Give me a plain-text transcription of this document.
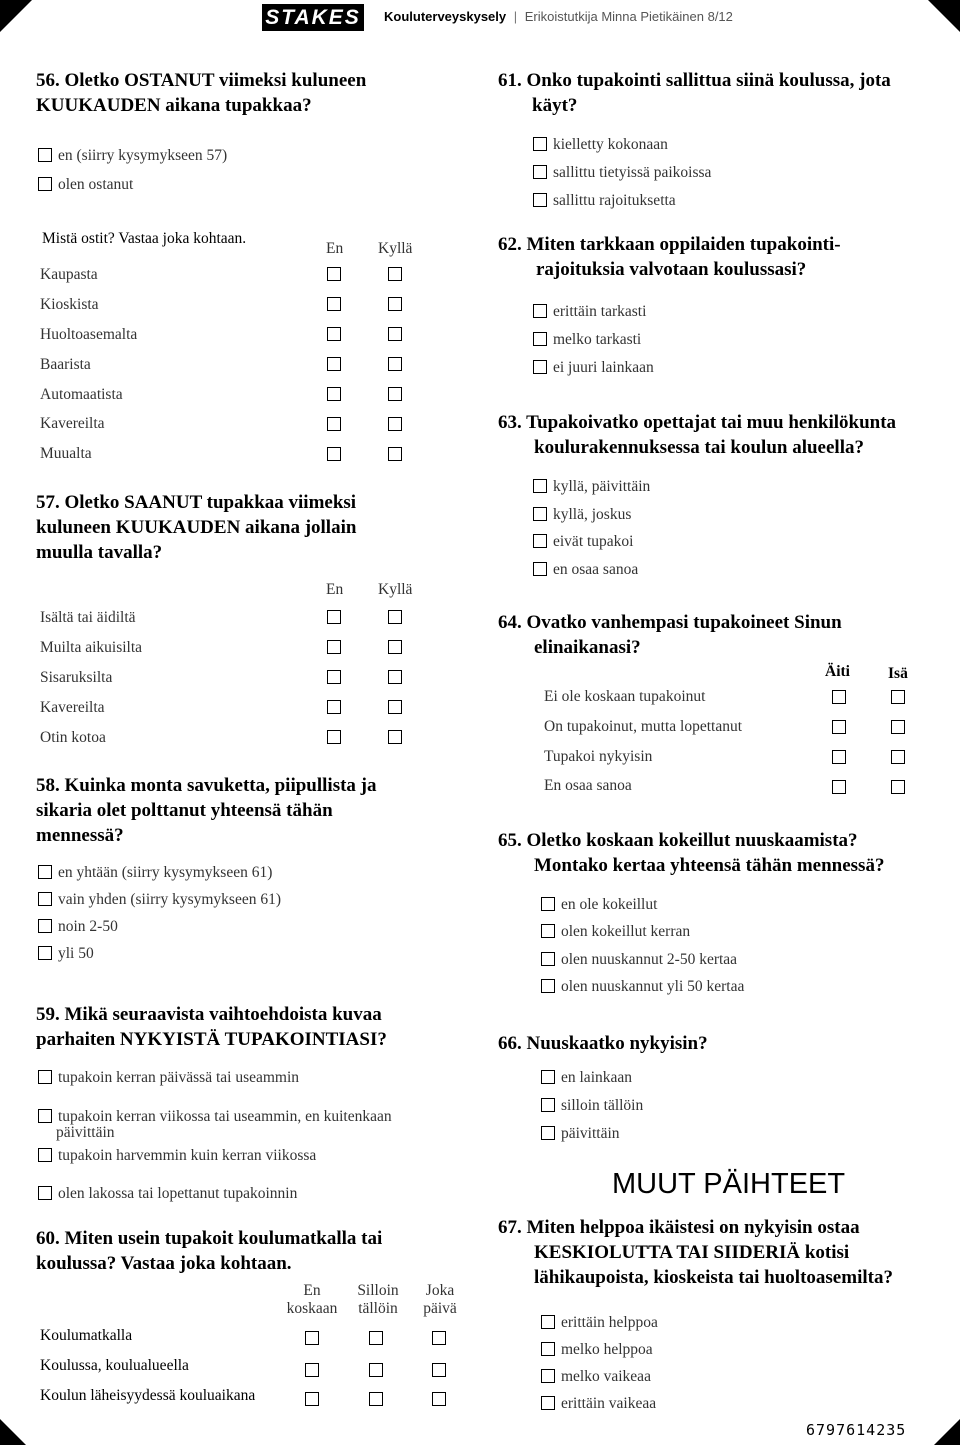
STAKES Kouluterveyskysely | Erikoistutkija Minna Pietikäinen 8/12
56. Oletko OSTANUT viimeksi kuluneen
KUUKAUDEN aikana tupakkaa?
en (siirry kysymykseen 57)
olen ostanut
Mistä ostit? Vastaa joka kohtaan.
En Kyllä
Kaupasta
Kioskista
Huoltoasemalta
Baarista
Automaatista
Kavereilta
Muualta
57. Oletko SAANUT tupakkaa viimeksi
kuluneen KUUKAUDEN aikana jollain
muulla tavalla?
En Kyllä
Isältä tai äidiltä
Muilta aikuisilta
Sisaruksilta
Kavereilta
Otin kotoa
58. Kuinka monta savuketta, piipullista ja
sikaria olet polttanut yhteensä tähän
mennessä?
en yhtään (siirry kysymykseen 61)
vain yhden (siirry kysymykseen 61)
noin 2-50
yli 50
59. Mikä seuraavista vaihtoehdoista kuvaa
parhaiten NYKYISTÄ TUPAKOINTIASI?
tupakoin kerran päivässä tai useammin
tupakoin kerran viikossa tai useammin, en kuitenkaan
päivittäin
tupakoin harvemmin kuin kerran viikossa
olen lakossa tai lopettanut tupakoinnin
60. Miten usein tupakoit koulumatkalla tai
koulussa? Vastaa joka kohtaan.
En
koskaan
Silloin
tällöin
Joka
päivä
Koulumatkalla
Koulussa, koulualueella
Koulun läheisyydessä kouluaikana
61. Onko tupakointi sallittua siinä koulussa, jota
käyt?
kielletty kokonaan
sallittu tietyissä paikoissa
sallittu rajoituksetta
62. Miten tarkkaan oppilaiden tupakointi-
rajoituksia valvotaan koulussasi?
erittäin tarkasti
melko tarkasti
ei juuri lainkaan
63. Tupakoivatko opettajat tai muu henkilökunta
koulurakennuksessa tai koulun alueella?
kyllä, päivittäin
kyllä, joskus
eivät tupakoi
en osaa sanoa
64. Ovatko vanhempasi tupakoineet Sinun
elinaikanasi?
Äiti Isä
Ei ole koskaan tupakoinut
On tupakoinut, mutta lopettanut
Tupakoi nykyisin
En osaa sanoa
65. Oletko koskaan kokeillut nuuskaamista?
Montako kertaa yhteensä tähän mennessä?
en ole kokeillut
olen kokeillut kerran
olen nuuskannut 2-50 kertaa
olen nuuskannut yli 50 kertaa
66. Nuuskaatko nykyisin?
en lainkaan
silloin tällöin
päivittäin
MUUT PÄIHTEET
67. Miten helppoa ikäistesi on nykyisin ostaa
KESKIOLUTTA TAI SIIDERIÄ kotisi
lähikaupoista, kioskeista tai huoltoasemilta?
erittäin helppoa
melko helppoa
melko vaikeaa
erittäin vaikeaa
6797614235
